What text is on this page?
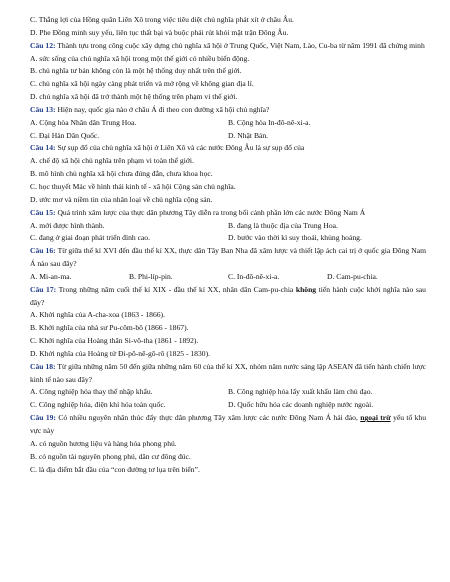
C. Thắng lợi của Hồng quân Liên Xô trong việc tiêu diệt chủ nghĩa phát xít ở châu Âu.
D. Phe Đồng minh suy yếu, liên tục thất bại và buộc phải rút khỏi mặt trận Đông Âu.
Câu 12: Thành tựu trong công cuộc xây dựng chủ nghĩa xã hội ở Trung Quốc, Việt Nam, Lào, Cu-ba từ năm 1991 đã chứng minh
A. sức sống của chủ nghĩa xã hội trong một thế giới có nhiều biến động.
B. chủ nghĩa tư bản không còn là một hệ thống duy nhất trên thế giới.
C. chủ nghĩa xã hội ngày càng phát triển và mở rộng về không gian địa lí.
D. chủ nghĩa xã hội đã trở thành một hệ thống trên phạm vi thế giới.
Câu 13: Hiện nay, quốc gia nào ở châu Á đi theo con đường xã hội chủ nghĩa?
A. Cộng hòa Nhân dân Trung Hoa.	B. Cộng hòa In-đô-nê-xi-a.
C. Đại Hàn Dân Quốc.	D. Nhật Bản.
Câu 14: Sự sụp đổ của chủ nghĩa xã hội ở Liên Xô và các nước Đông Âu là sự sụp đổ của
A. chế độ xã hội chủ nghĩa trên phạm vi toàn thế giới.
B. mô hình chủ nghĩa xã hội chưa đúng đắn, chưa khoa học.
C. học thuyết Mác về hình thái kinh tế - xã hội Cộng sản chủ nghĩa.
D. ước mơ và niềm tin của nhân loại về chủ nghĩa cộng sản.
Câu 15: Quá trình xâm lược của thực dân phương Tây diễn ra trong bối cảnh phần lớn các nước Đông Nam Á
A. mới được hình thành.	B. đang là thuộc địa của Trung Hoa.
C. đang ở giai đoạn phát triển đỉnh cao.	D. bước vào thời kì suy thoái, khủng hoảng.
Câu 16: Từ giữa thế kỉ XVI đến đầu thế kỉ XX, thực dân Tây Ban Nha đã xâm lược và thiết lập ách cai trị ở quốc gia Đông Nam Á nào sau đây?
A. Mi-an-ma.	B. Phi-líp-pin.	C. In-đô-nê-xi-a.	D. Cam-pu-chia.
Câu 17: Trong những năm cuối thế kỉ XIX - đầu thế kỉ XX, nhân dân Cam-pu-chia không tiến hành cuộc khởi nghĩa nào sau đây?
A. Khởi nghĩa của A-cha-xoa (1863 - 1866).
B. Khởi nghĩa của nhà sư Pu-côm-bô (1866 - 1867).
C. Khởi nghĩa của Hoàng thân Si-vô-tha (1861 - 1892).
D. Khởi nghĩa của Hoàng tử Đi-pô-nê-gô-rô (1825 - 1830).
Câu 18: Từ giữa những năm 50 đến giữa những năm 60 của thế kỉ XX, nhóm năm nước sáng lập ASEAN đã tiến hành chiến lược kinh tế nào sau đây?
A. Công nghiệp hóa thay thế nhập khẩu.	B. Công nghiệp hóa lấy xuất khẩu làm chủ đạo.
C. Công nghiệp hóa, điện khí hóa toàn quốc.	D. Quốc hữu hóa các doanh nghiệp nước ngoài.
Câu 19: Có nhiều nguyên nhân thúc đẩy thực dân phương Tây xâm lược các nước Đông Nam Á hải đảo, ngoại trừ yếu tố khu vực này
A. có nguồn hương liệu và hàng hóa phong phú.
B. có nguồn tài nguyên phong phú, dân cư đông đúc.
C. là địa điểm bắt đầu của “con đường tơ lụa trên biển”.
